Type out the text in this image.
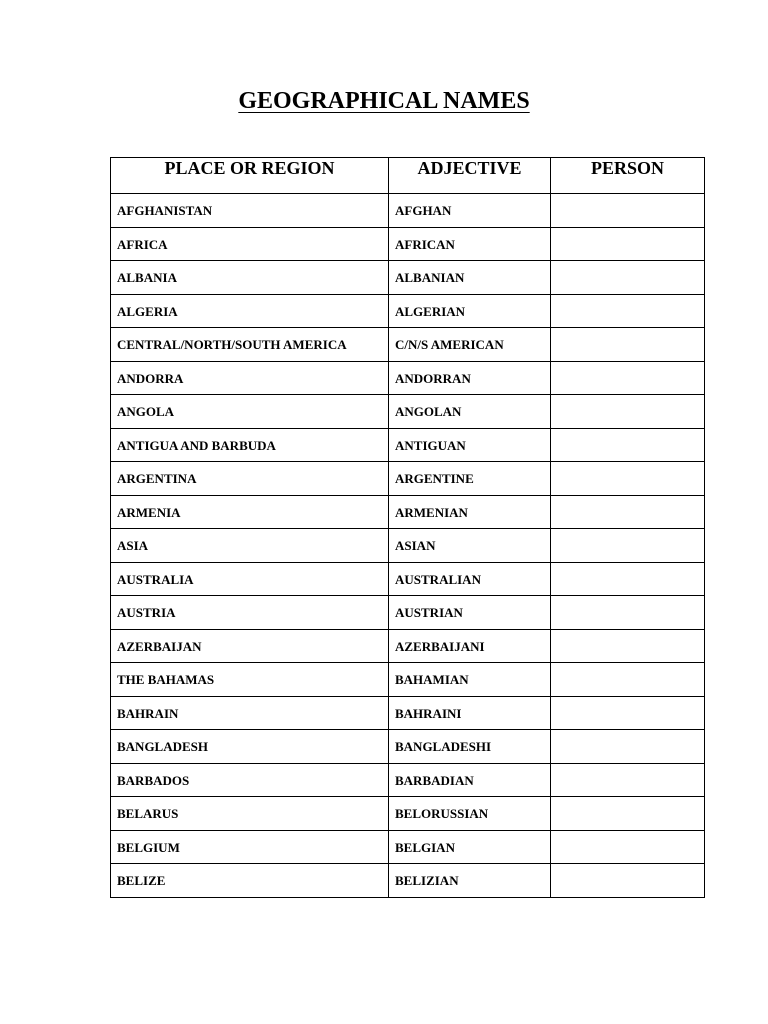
GEOGRAPHICAL NAMES
PLACE OR REGION	ADJECTIVE	PERSON
AFGHANISTAN	AFGHAN	
AFRICA	AFRICAN	
ALBANIA	ALBANIAN	
ALGERIA	ALGERIAN	
CENTRAL/NORTH/SOUTH AMERICA	C/N/S AMERICAN	
ANDORRA	ANDORRAN	
ANGOLA	ANGOLAN	
ANTIGUA AND BARBUDA	ANTIGUAN	
ARGENTINA	ARGENTINE	
ARMENIA	ARMENIAN	
ASIA	ASIAN	
AUSTRALIA	AUSTRALIAN	
AUSTRIA	AUSTRIAN	
AZERBAIJAN	AZERBAIJANI	
THE BAHAMAS	BAHAMIAN	
BAHRAIN	BAHRAINI	
BANGLADESH	BANGLADESHI	
BARBADOS	BARBADIAN	
BELARUS	BELORUSSIAN	
BELGIUM	BELGIAN	
BELIZE	BELIZIAN	
